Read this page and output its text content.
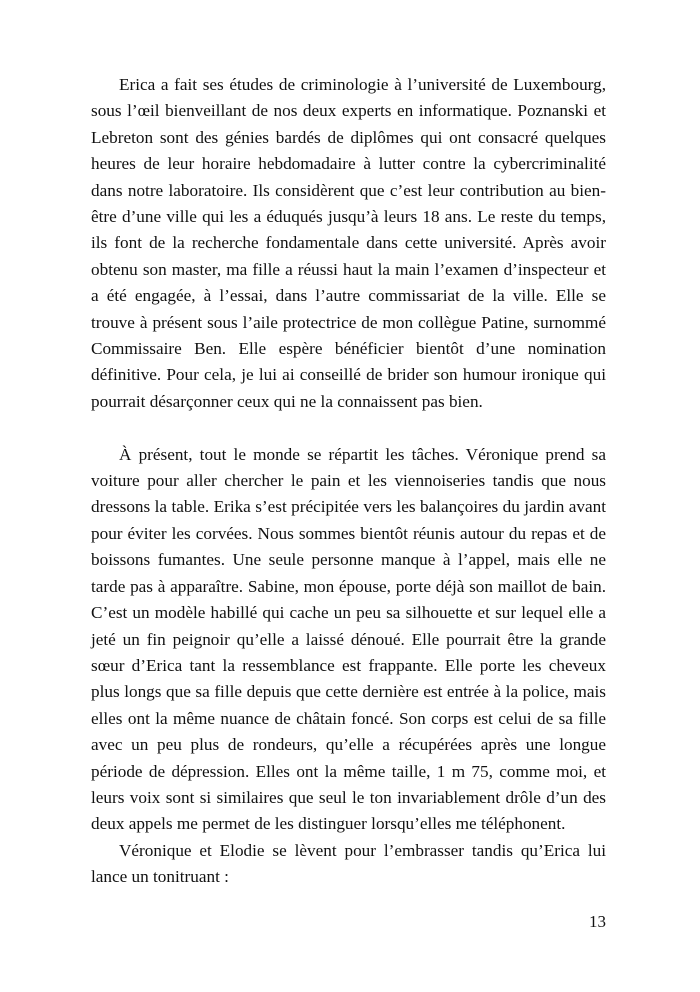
Erica a fait ses études de criminologie à l’université de Luxembourg, sous l’œil bienveillant de nos deux experts en informatique. Poznanski et Lebreton sont des génies bardés de diplômes qui ont consacré quelques heures de leur horaire hebdomadaire à lutter contre la cybercriminalité dans notre laboratoire. Ils considèrent que c’est leur contribution au bien-être d’une ville qui les a éduqués jusqu’à leurs 18 ans. Le reste du temps, ils font de la recherche fondamentale dans cette université. Après avoir obtenu son master, ma fille a réussi haut la main l’examen d’inspecteur et a été engagée, à l’essai, dans l’autre commissariat de la ville. Elle se trouve à présent sous l’aile protectrice de mon collègue Patine, surnommé Commissaire Ben. Elle espère bénéficier bientôt d’une nomination définitive. Pour cela, je lui ai conseillé de brider son humour ironique qui pourrait désarçonner ceux qui ne la connaissent pas bien.

À présent, tout le monde se répartit les tâches. Véronique prend sa voiture pour aller chercher le pain et les viennoiseries tandis que nous dressons la table. Erika s’est précipitée vers les balançoires du jardin avant pour éviter les corvées. Nous sommes bientôt réunis autour du repas et de boissons fumantes. Une seule personne manque à l’appel, mais elle ne tarde pas à apparaître. Sabine, mon épouse, porte déjà son maillot de bain. C’est un modèle habillé qui cache un peu sa silhouette et sur lequel elle a jeté un fin peignoir qu’elle a laissé dénoué. Elle pourrait être la grande sœur d’Erica tant la ressemblance est frappante. Elle porte les cheveux plus longs que sa fille depuis que cette dernière est entrée à la police, mais elles ont la même nuance de châtain foncé. Son corps est celui de sa fille avec un peu plus de rondeurs, qu’elle a récupérées après une longue période de dépression. Elles ont la même taille, 1 m 75, comme moi, et leurs voix sont si similaires que seul le ton invariablement drôle d’un des deux appels me permet de les distinguer lorsqu’elles me téléphonent.

Véronique et Elodie se lèvent pour l’embrasser tandis qu’Erica lui lance un tonitruant :

13
